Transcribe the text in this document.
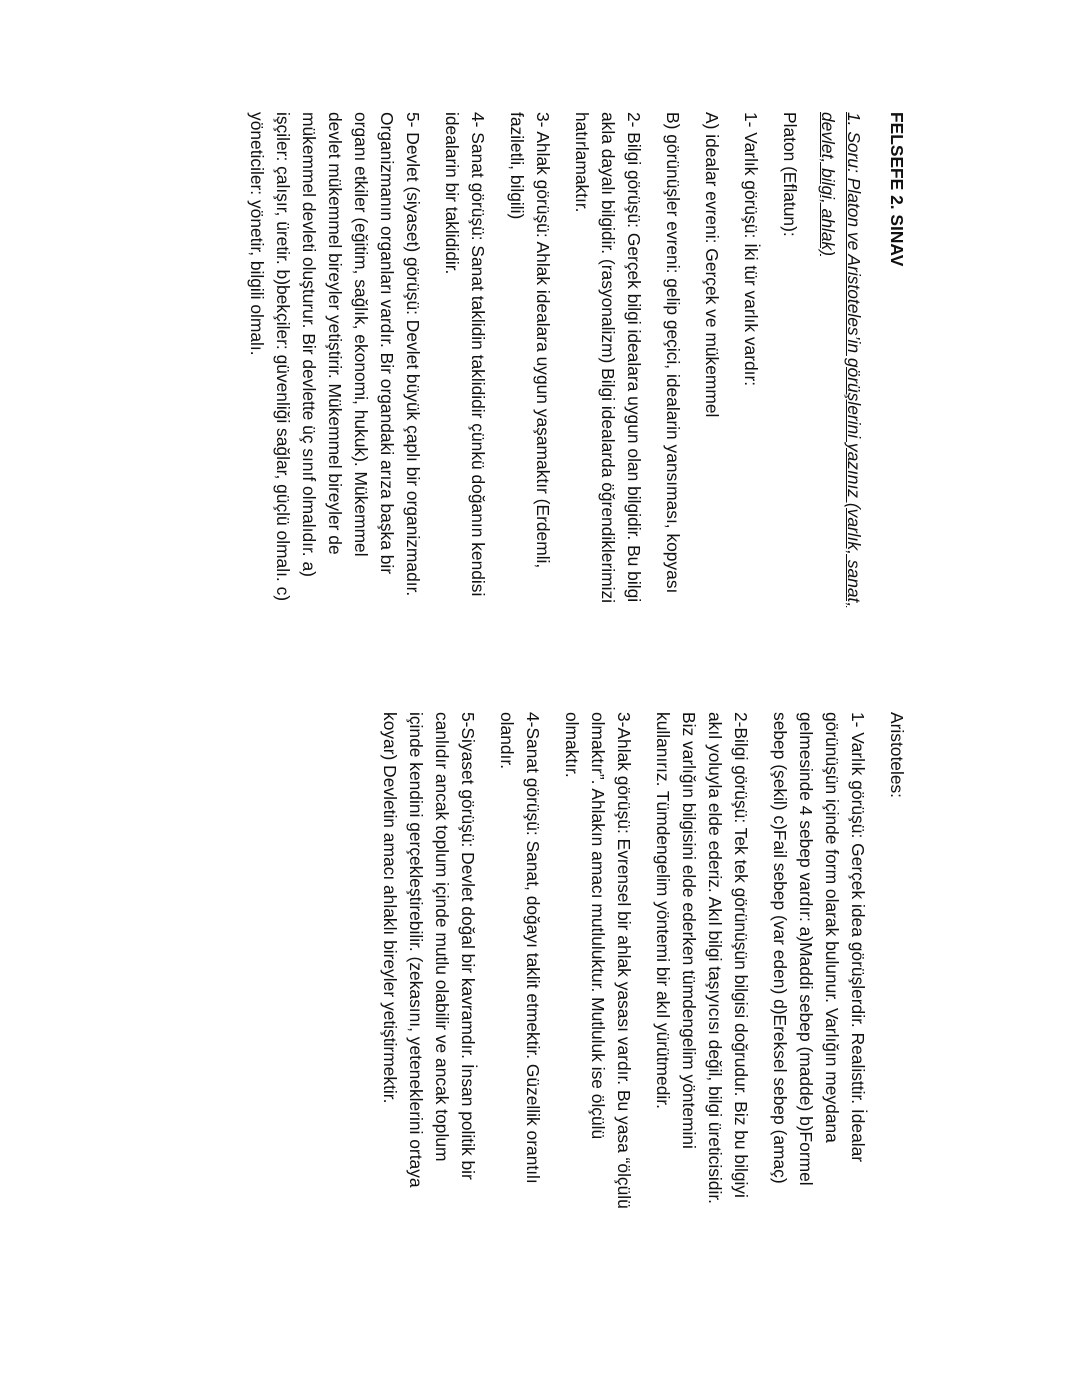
FELSEFE 2. SINAV

1. Soru: Platon ve Aristoteles’in görüşlerini yazınız (varlık, sanat,
devlet, bilgi, ahlak)

Platon (Eflatun):

1- Varlık görüşü: İki tür varlık vardır:

A) idealar evreni: Gerçek ve mükemmel

B) görünüşler evreni: gelip geçici, idealarin yansıması, kopyası

2- Bilgi görüşü: Gerçek bilgi idealara uygun olan bilgidir. Bu bilgi
akla dayalı bilgidir. (rasyonalizm) Bilgi idealarda öğrendiklerimizi
hatırlamaktır.

3- Ahlak görüşü: Ahlak idealara uygun yaşamaktır (Erdemli,
faziletli, bilgili)

4- Sanat görüşü: Sanat taklidin taklididir çünkü doğanın kendisi
idealarin bir taklididir.

5- Devlet (siyaset) görüşü: Devlet büyük çaplı bir organizmadır.
Organizmanın organları vardır. Bir organdaki arıza başka bir
organı etkiler (eğitim, sağlık, ekonomi, hukuk). Mükemmel
devlet mükemmel bireyler yetiştirir. Mükemmel bireyler de
mükemmel devleti oluşturur. Bir devlette üç sınıf olmalıdır. a)
işçiler: çalışır, üretir. b)bekçiler: güvenliği sağlar, güçlü olmalı. c)
yöneticiler: yönetir, bilgili olmalı.

Aristoteles:

1- Varlık görüşü: Gerçek idea görüşlerdir. Realisttir. İdealar
görünüşün içinde form olarak bulunur. Varlığın meydana
gelmesinde 4 sebep vardır: a)Maddi sebep (madde) b)Formel
sebep (şekil) c)Fail sebep (var eden) d)Ereksel sebep (amaç)

2-Bilgi görüşü: Tek tek görünüşün bilgisi doğrudur. Biz bu bilgiyi
akıl yoluyla elde ederiz. Akıl bilgi taşıyıcısı değil, bilgi üreticisidir.
Biz varlığın bilgisini elde ederken tümdengelim yöntemini
kullanırız. Tümdengelim yöntemi bir akıl yürütmedir.

3-Ahlak görüşü: Evrensel bir ahlak yasası vardır. Bu yasa “ölçülü
olmaktır”. Ahlakın amacı mutluluktur. Mutluluk ise ölçülü
olmaktır.

4-Sanat görüşü: Sanat, doğayı taklit etmektir. Güzellik orantılı
olandır.

5-Siyaset görüşü: Devlet doğal bir kavramdır. İnsan politik bir
canlıdır ancak toplum içinde mutlu olabilir ve ancak toplum
içinde kendini gerçekleştirebilir. (zekasını, yeteneklerini ortaya
koyar) Devletin amacı ahlaklı bireyler yetiştirmektir.
